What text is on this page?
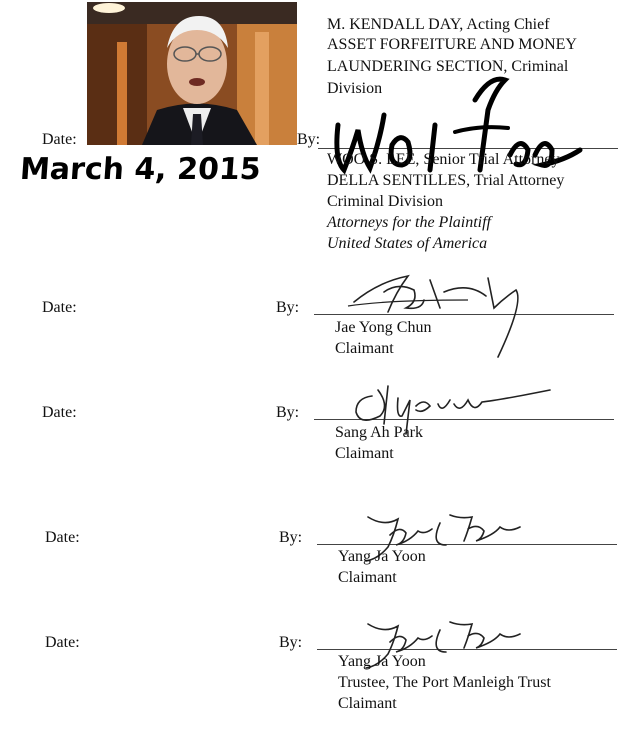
M. KENDALL DAY, Acting Chief
ASSET FORFEITURE AND MONEY
LAUNDERING SECTION, Criminal
Division
Date:	By:
March 4, 2015	WOO S. LEE, Senior Trial Attorney
DELLA SENTILLES, Trial Attorney
Criminal Division
Attorneys for the Plaintiff
United States of America
Date:	By:
Jae Yong Chun
Claimant
Date:	By:
Sang Ah Park
Claimant
Date:	By:
Yang Ja Yoon
Claimant
Date:	By:
Yang Ja Yoon
Trustee, The Port Manleigh Trust
Claimant
